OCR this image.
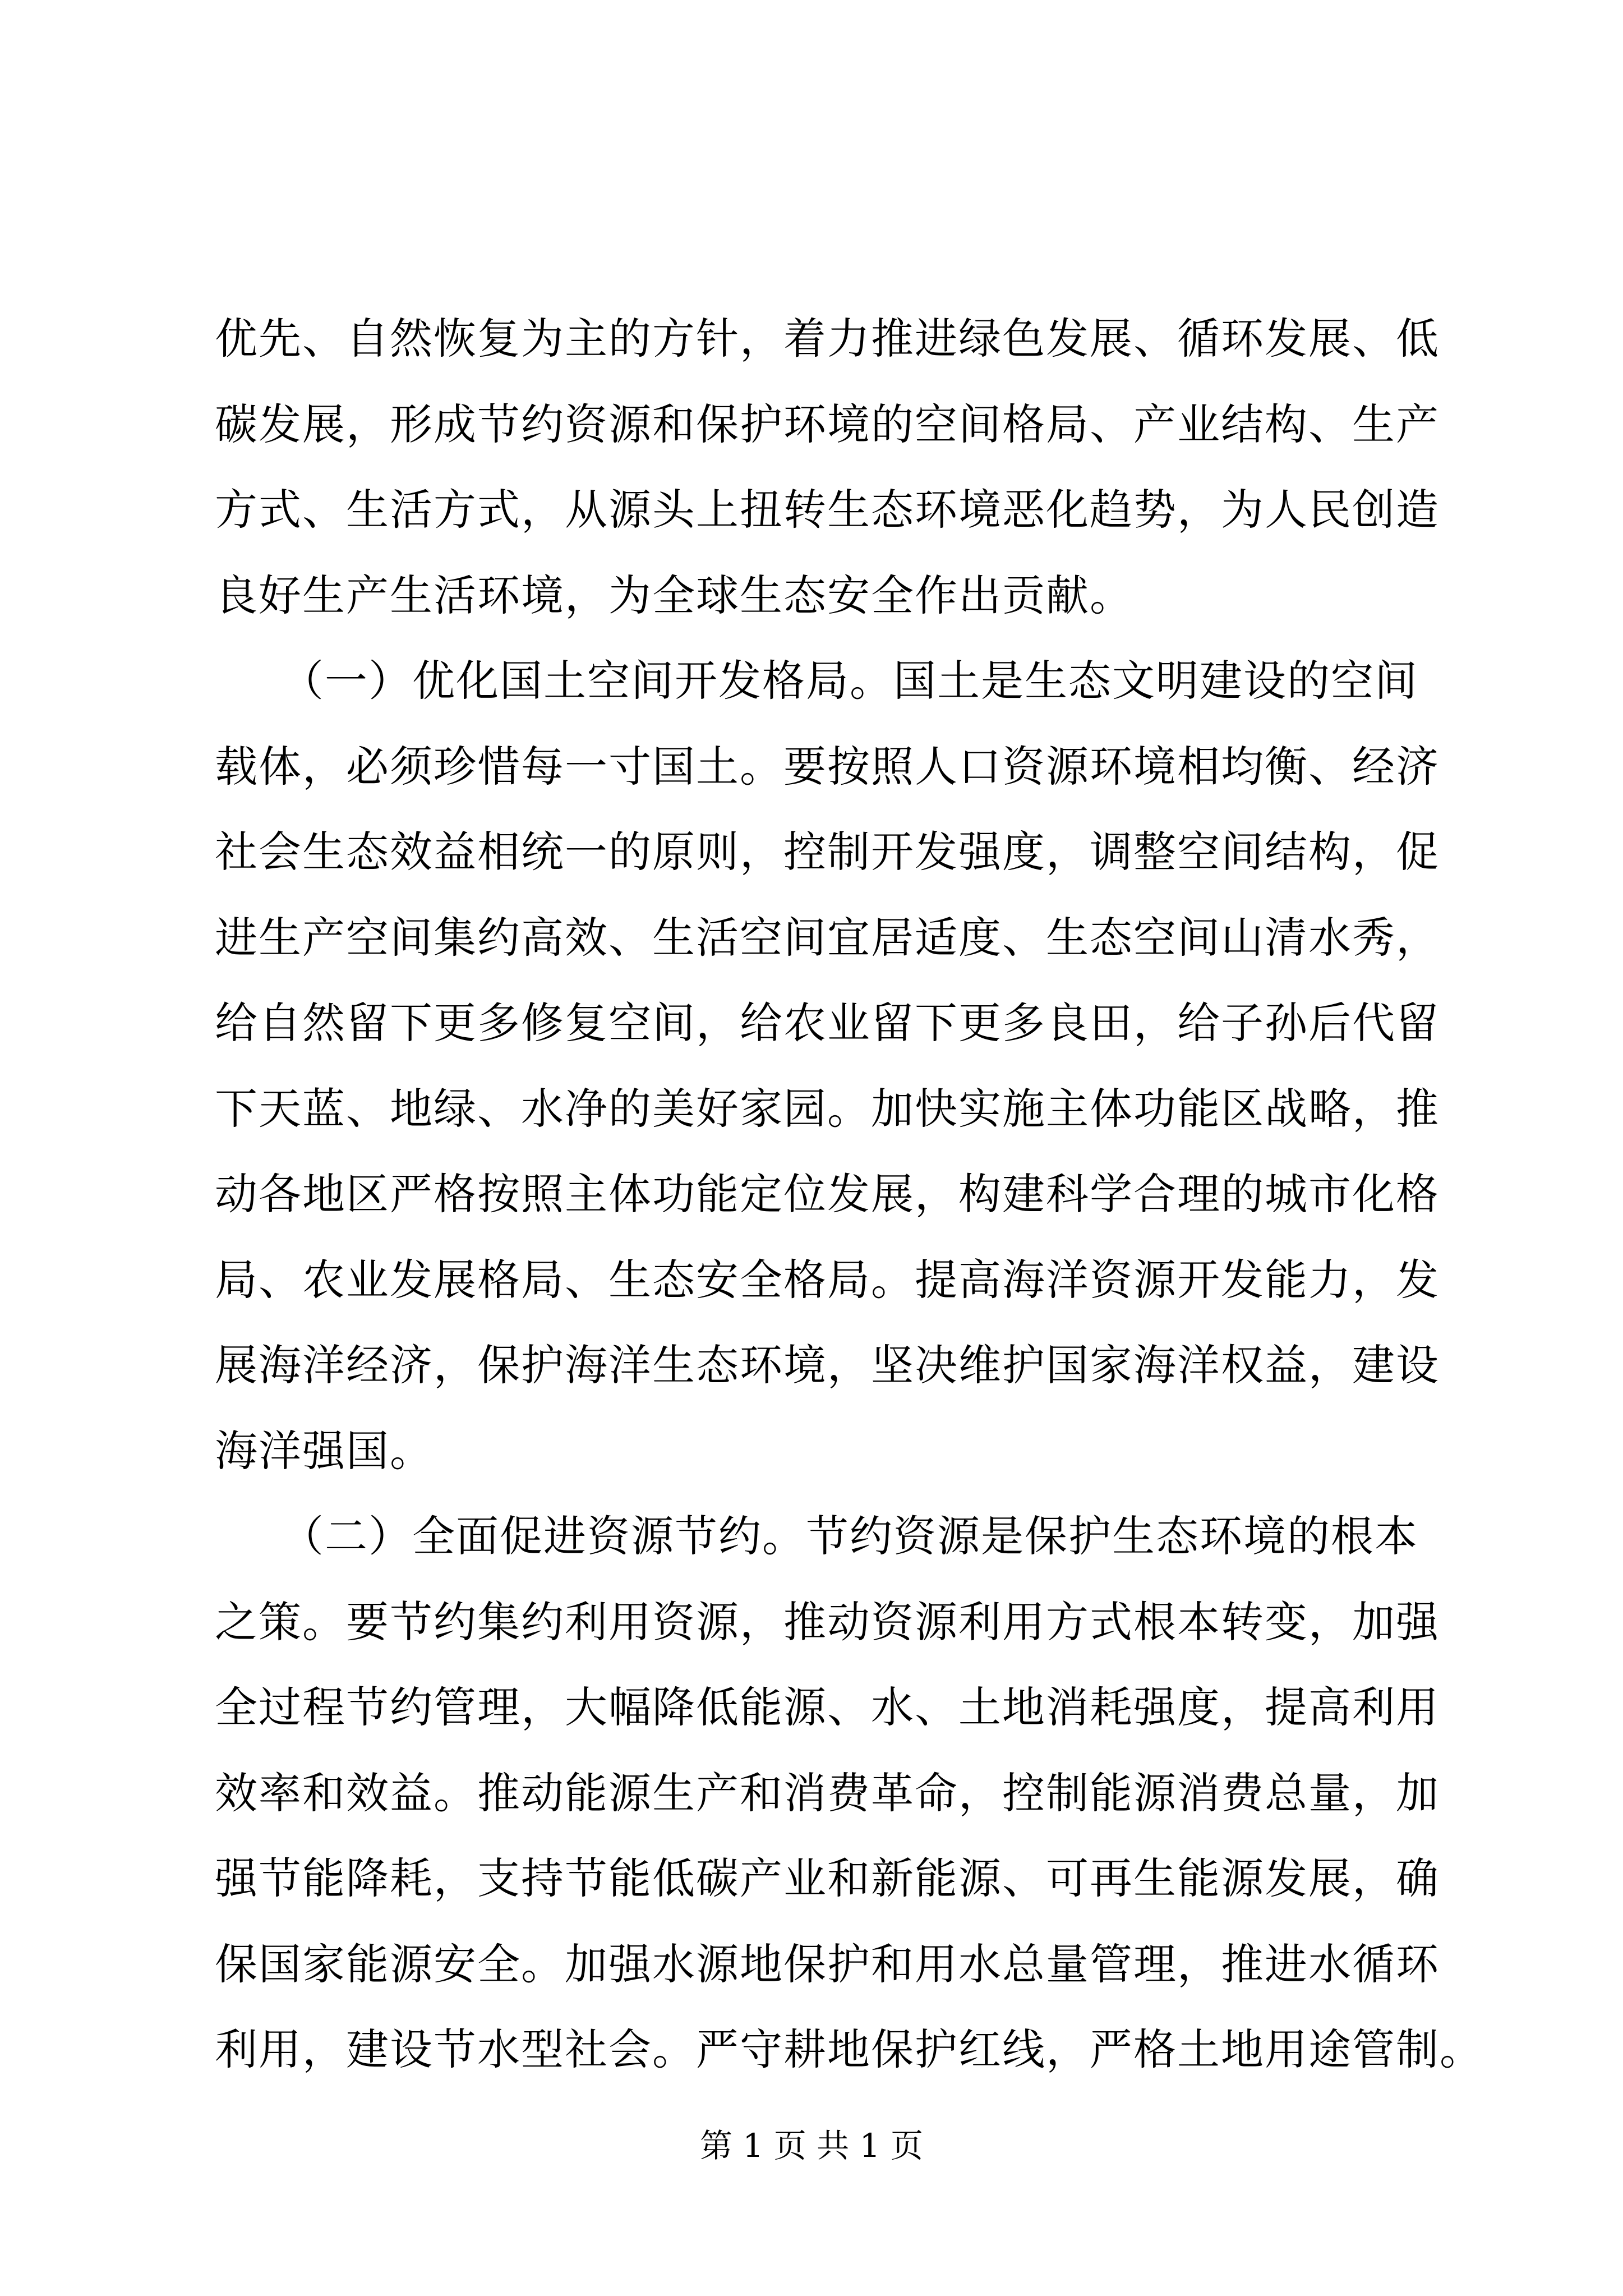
优先、自然恢复为主的方针，着力推进绿色发展、循环发展、低
碳发展，形成节约资源和保护环境的空间格局、产业结构、生产
方式、生活方式，从源头上扭转生态环境恶化趋势，为人民创造
良好生产生活环境，为全球生态安全作出贡献。
　　（一）优化国土空间开发格局。国土是生态文明建设的空间
载体，必须珍惜每一寸国土。要按照人口资源环境相均衡、经济
社会生态效益相统一的原则，控制开发强度，调整空间结构，促
进生产空间集约高效、生活空间宜居适度、生态空间山清水秀，
给自然留下更多修复空间，给农业留下更多良田，给子孙后代留
下天蓝、地绿、水净的美好家园。加快实施主体功能区战略，推
动各地区严格按照主体功能定位发展，构建科学合理的城市化格
局、农业发展格局、生态安全格局。提高海洋资源开发能力，发
展海洋经济，保护海洋生态环境，坚决维护国家海洋权益，建设
海洋强国。
　　（二）全面促进资源节约。节约资源是保护生态环境的根本
之策。要节约集约利用资源，推动资源利用方式根本转变，加强
全过程节约管理，大幅降低能源、水、土地消耗强度，提高利用
效率和效益。推动能源生产和消费革命，控制能源消费总量，加
强节能降耗，支持节能低碳产业和新能源、可再生能源发展，确
保国家能源安全。加强水源地保护和用水总量管理，推进水循环
利用，建设节水型社会。严守耕地保护红线，严格土地用途管制。
第 1 页 共 1 页
